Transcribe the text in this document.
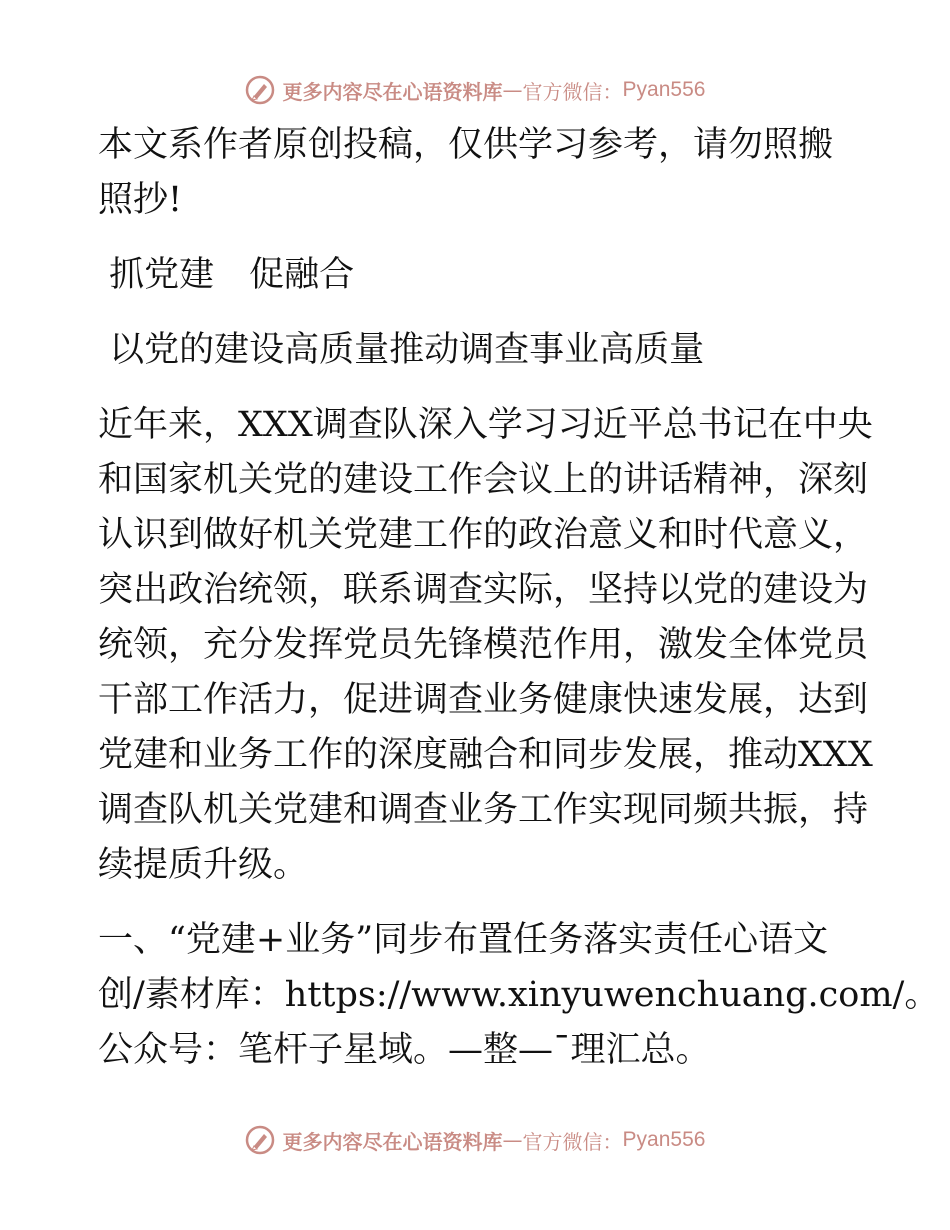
更多内容尽在心语资料库 — 官方微信： Pyan556

本文系作者原创投稿，仅供学习参考，请勿照搬
照抄!

抓党建　促融合

以党的建设高质量推动调查事业高质量

近年来，XXX调查队深入学习习近平总书记在中央
和国家机关党的建设工作会议上的讲话精神，深刻
认识到做好机关党建工作的政治意义和时代意义，
突出政治统领，联系调查实际，坚持以党的建设为
统领，充分发挥党员先锋模范作用，激发全体党员
干部工作活力，促进调查业务健康快速发展，达到
党建和业务工作的深度融合和同步发展，推动XXX
调查队机关党建和调查业务工作实现同频共振，持
续提质升级。

一、“党建+业务”同步布置任务落实责任心语文
创/素材库：https://www.xinyuwenchuang.com/。
公众号：笔杆子星域。—整—¯理汇总。

更多内容尽在心语资料库 — 官方微信： Pyan556
